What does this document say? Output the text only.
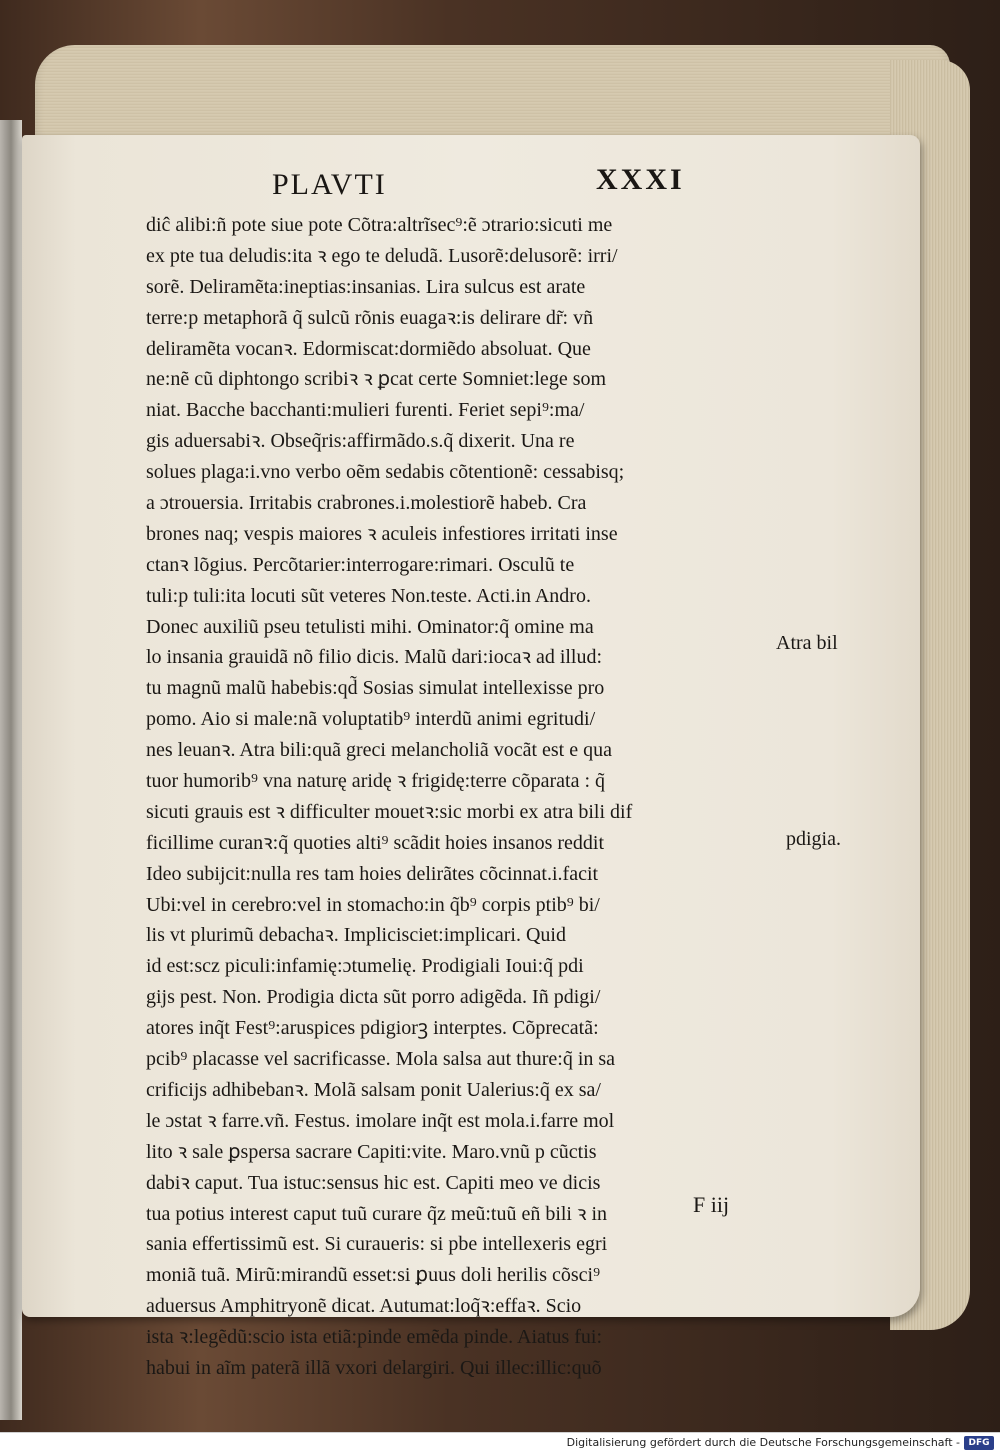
PLAVTI	XXXI
diĉ alibi:ñ pote siue pote Cõtra:altrĩsec⁹:ẽ ɔtrario:sicuti me
ex pte tua deludis:ita ꝛ ego te deludã. Lusorẽ:delusorẽ: irri/
sorẽ. Deliramẽta:ineptias:insanias. Lira sulcus est arate
terre:p metaphorã q̃ sulcũ rõnis euagaꝛ:is delirare dr̃: vñ
deliramẽta vocanꝛ. Edormiscat:dormiẽdo absoluat. Que
ne:nẽ cũ diphtongo scribiꝛ ꝛ ꝑcat certe Somniet:lege som
niat. Bacche bacchanti:mulieri furenti. Feriet sepi⁹:ma/
gis aduersabiꝛ. Obseq̃ris:affirmãdo.s.q̃ dixerit. Una re
solues plaga:i.vno verbo oẽm sedabis cõtentionẽ: cessabisq;
a ɔtrouersia. Irritabis crabrones.i.molestiorẽ habeb. Cra
brones naq; vespis maiores ꝛ aculeis infestiores irritati inse
ctanꝛ lõgius. Percõtarier:interrogare:rimari. Osculũ te
tuli:p tuli:ita locuti sũt veteres Non.teste. Acti.in Andro.
Donec auxiliũ pseu tetulisti mihi. Ominator:q̃ omine ma
lo insania grauidã nõ filio dicis. Malũ dari:iocaꝛ ad illud:
tu magnũ malũ habebis:qd̃ Sosias simulat intellexisse pro
pomo. Aio si male:nã voluptatib⁹ interdũ animi egritudi/
nes leuanꝛ. Atra bili:quã greci melancholiã vocãt est e qua
tuor humorib⁹ vna naturę aridę ꝛ frigidę:terre cõparata : q̃
sicuti grauis est ꝛ difficulter mouetꝛ:sic morbi ex atra bili dif
ficillime curanꝛ:q̃ quoties alti⁹ scãdit hoies insanos reddit
Ideo subijcit:nulla res tam hoies delirãtes cõcinnat.i.facit
Ubi:vel in cerebro:vel in stomacho:in q̃b⁹ corpis ptib⁹ bi/
lis vt plurimũ debachaꝛ. Implicisciet:implicari. Quid
id est:scz piculi:infamię:ɔtumelię. Prodigiali Ioui:q̃ pdi
gijs pest. Non. Prodigia dicta sũt porro adigẽda. Iñ pdigi/
atores inq̃t Fest⁹:aruspices pdigiorꝫ interptes. Cõprecatã:
pcib⁹ placasse vel sacrificasse. Mola salsa aut thure:q̃ in sa
crificijs adhibebanꝛ. Molã salsam ponit Ualerius:q̃ ex sa/
le ɔstat ꝛ farre.vñ. Festus. imolare inq̃t est mola.i.farre mol
lito ꝛ sale ꝑspersa sacrare Capiti:vite. Maro.vnũ p cũctis
dabiꝛ caput. Tua istuc:sensus hic est. Capiti meo ve dicis
tua potius interest caput tuũ curare q̃z meũ:tuũ eñ bili ꝛ in
sania effertissimũ est. Si curaueris: si pbe intellexeris egri
moniã tuã. Mirũ:mirandũ esset:si ꝑuus doli herilis cõsci⁹
aduersus Amphitryonẽ dicat. Autumat:loq̃ꝛ:effaꝛ. Scio
ista ꝛ:legẽdũ:scio ista etiã:pinde emẽda pinde. Aiatus fui:
habui in aĩm paterã illã vxori delargiri. Qui illec:illic:quõ
Atra bil
pdigia.
F iij
Digitalisierung gefördert durch die Deutsche Forschungsgemeinschaft - DFG
